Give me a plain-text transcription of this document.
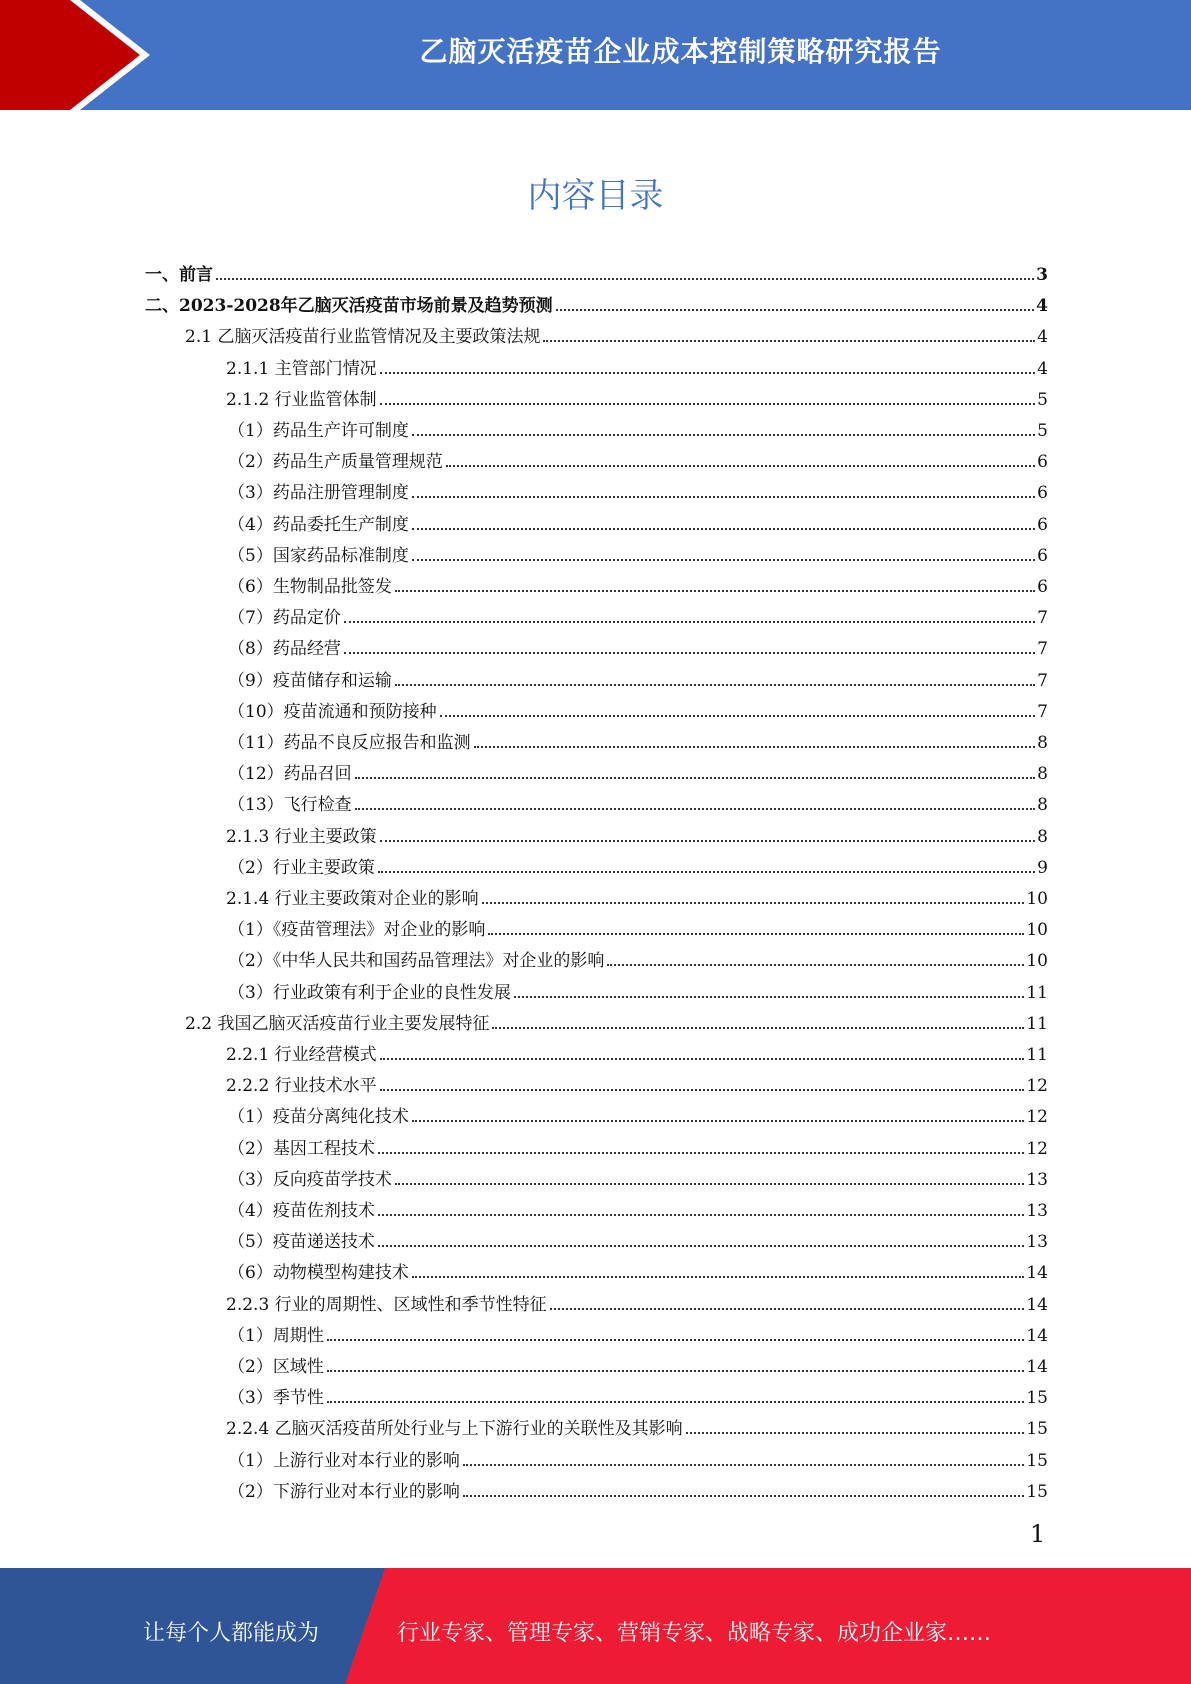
乙脑灭活疫苗企业成本控制策略研究报告
内容目录
一、前言	3
二、2023-2028年乙脑灭活疫苗市场前景及趋势预测	4
2.1 乙脑灭活疫苗行业监管情况及主要政策法规	4
2.1.1 主管部门情况	4
2.1.2 行业监管体制	5
（1）药品生产许可制度	5
（2）药品生产质量管理规范	6
（3）药品注册管理制度	6
（4）药品委托生产制度	6
（5）国家药品标准制度	6
（6）生物制品批签发	6
（7）药品定价	7
（8）药品经营	7
（9）疫苗储存和运输	7
（10）疫苗流通和预防接种	7
（11）药品不良反应报告和监测	8
（12）药品召回	8
（13）飞行检查	8
2.1.3 行业主要政策	8
（2）行业主要政策	9
2.1.4 行业主要政策对企业的影响	10
（1）《疫苗管理法》对企业的影响	10
（2）《中华人民共和国药品管理法》对企业的影响	10
（3）行业政策有利于企业的良性发展	11
2.2 我国乙脑灭活疫苗行业主要发展特征	11
2.2.1 行业经营模式	11
2.2.2 行业技术水平	12
（1）疫苗分离纯化技术	12
（2）基因工程技术	12
（3）反向疫苗学技术	13
（4）疫苗佐剂技术	13
（5）疫苗递送技术	13
（6）动物模型构建技术	14
2.2.3 行业的周期性、区域性和季节性特征	14
（1）周期性	14
（2）区域性	14
（3）季节性	15
2.2.4 乙脑灭活疫苗所处行业与上下游行业的关联性及其影响	15
（1）上游行业对本行业的影响	15
（2）下游行业对本行业的影响	15
1
让每个人都能成为	行业专家、管理专家、营销专家、战略专家、成功企业家……
